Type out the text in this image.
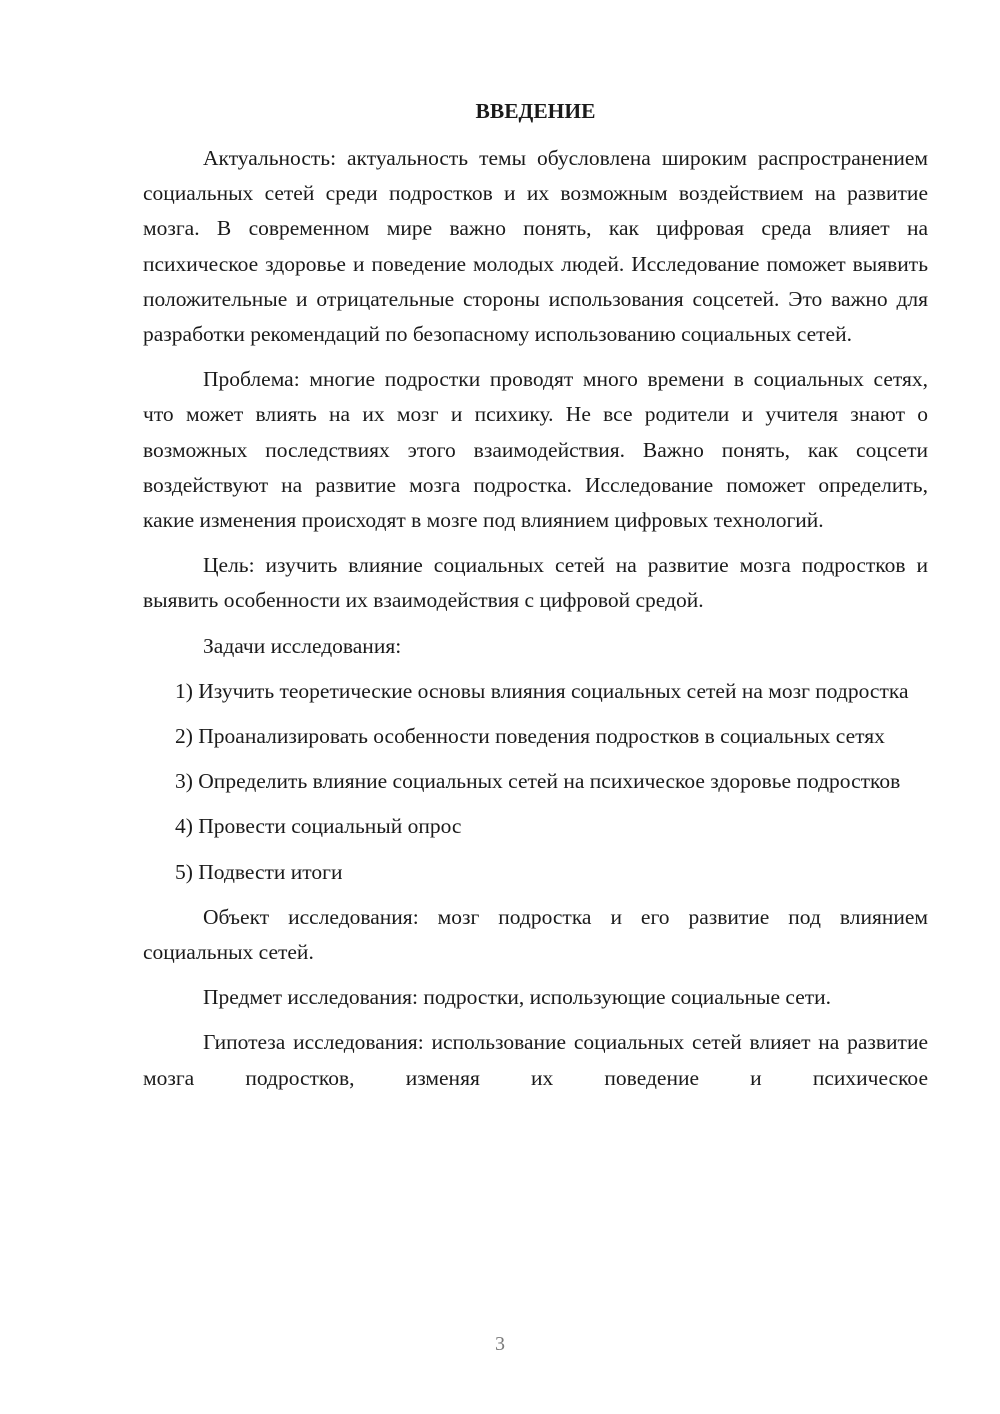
ВВЕДЕНИЕ

Актуальность: актуальность темы обусловлена широким распространением социальных сетей среди подростков и их возможным воздействием на развитие мозга. В современном мире важно понять, как цифровая среда влияет на психическое здоровье и поведение молодых людей. Исследование поможет выявить положительные и отрицательные стороны использования соцсетей. Это важно для разработки рекомендаций по безопасному использованию социальных сетей.

Проблема: многие подростки проводят много времени в социальных сетях, что может влиять на их мозг и психику. Не все родители и учителя знают о возможных последствиях этого взаимодействия. Важно понять, как соцсети воздействуют на развитие мозга подростка. Исследование поможет определить, какие изменения происходят в мозге под влиянием цифровых технологий.

Цель: изучить влияние социальных сетей на развитие мозга подростков и выявить особенности их взаимодействия с цифровой средой.

Задачи исследования:

1) Изучить теоретические основы влияния социальных сетей на мозг подростка

2) Проанализировать особенности поведения подростков в социальных сетях

3) Определить влияние социальных сетей на психическое здоровье подростков

4) Провести социальный опрос

5) Подвести итоги

Объект исследования: мозг подростка и его развитие под влиянием социальных сетей.

Предмет исследования: подростки, использующие социальные сети.

Гипотеза исследования: использование социальных сетей влияет на развитие мозга подростков, изменяя их поведение и психическое

3
